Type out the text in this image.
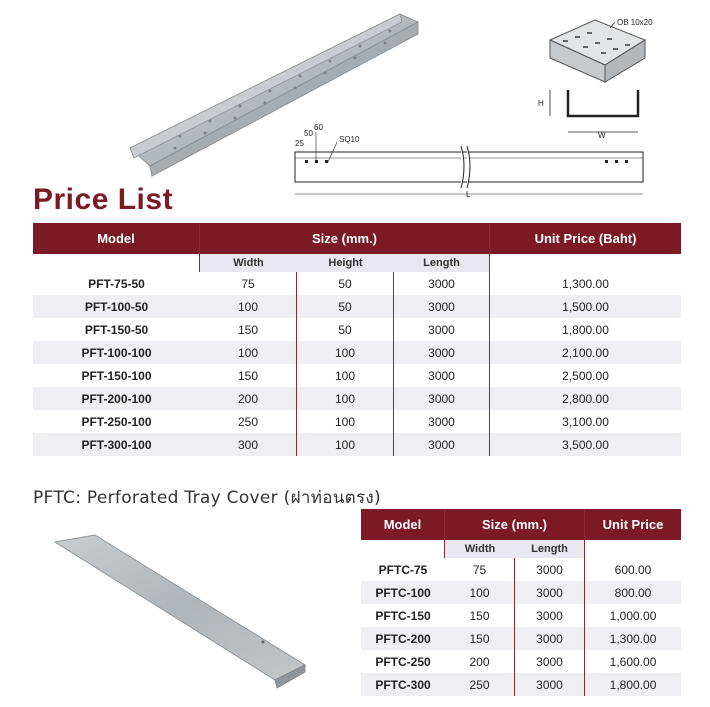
OB 10x20
H
W
60
50
25	SQ10
L
Price List
Model	Size (mm.)			Unit Price (Baht)
	Width	Height	Length	
PFT-75-50	75	50	3000	1,300.00
PFT-100-50	100	50	3000	1,500.00
PFT-150-50	150	50	3000	1,800.00
PFT-100-100	100	100	3000	2,100.00
PFT-150-100	150	100	3000	2,500.00
PFT-200-100	200	100	3000	2,800.00
PFT-250-100	250	100	3000	3,100.00
PFT-300-100	300	100	3000	3,500.00
PFTC: Perforated Tray Cover (ฝาท่อนตรง)
Model	Size (mm.)		Unit Price
	Width	Length	
PFTC-75	75	3000	600.00
PFTC-100	100	3000	800.00
PFTC-150	150	3000	1,000.00
PFTC-200	150	3000	1,300.00
PFTC-250	200	3000	1,600.00
PFTC-300	250	3000	1,800.00
